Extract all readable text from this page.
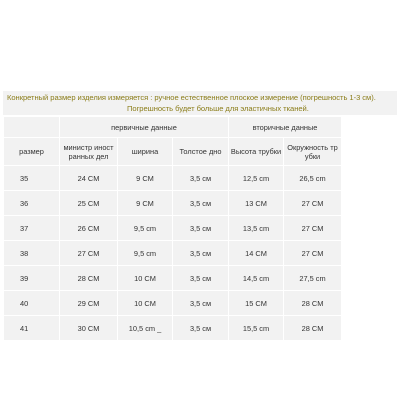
Конкретный размер изделия измеряется : ручное естественное плоское измерение (погрешность 1-3 см).
Погрешность будет больше для эластичных тканей.
	первичные данные			вторичные данные	
размер	министр иност ранных дел	ширина	Толстое дно	Высота трубки	Окружность тр убки
35	24 CM	9 CM	3,5 см	12,5 cm	26,5 cm
36	25 CM	9 CM	3,5 см	13 CM	27 CM
37	26 CM	9,5 cm	3,5 см	13,5 cm	27 CM
38	27 CM	9,5 cm	3,5 см	14 CM	27 CM
39	28 CM	10 CM	3,5 см	14,5 cm	27,5 cm
40	29 CM	10 CM	3,5 см	15 CM	28 CM
41	30 CM	10,5 cm _	3,5 см	15,5 cm	28 CM
